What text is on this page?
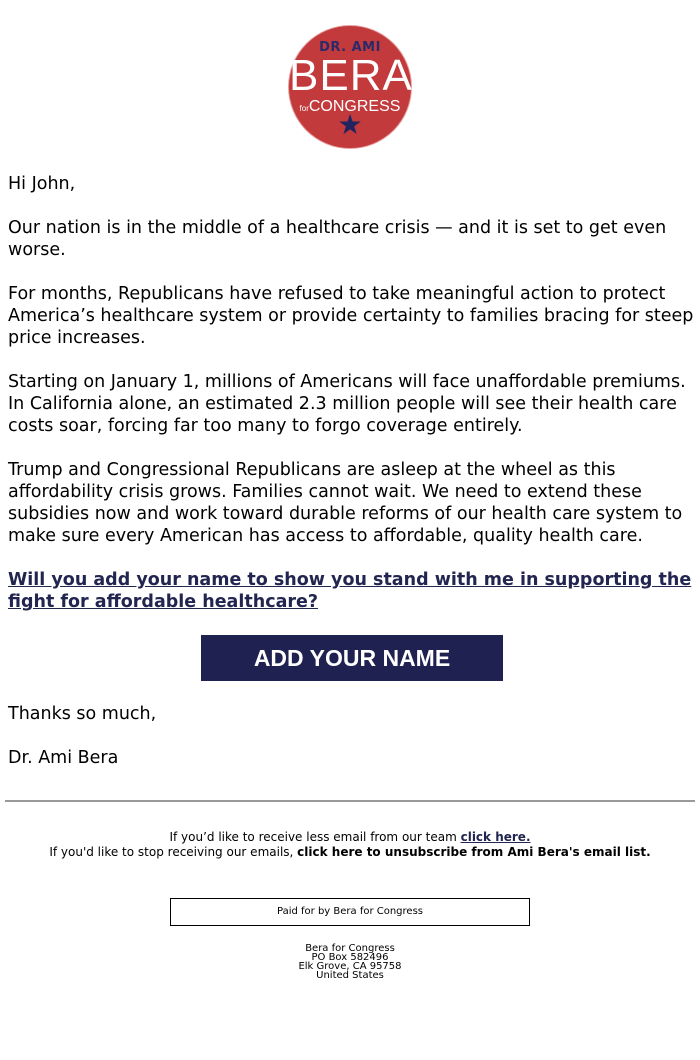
DR. AMI
BERA
forCONGRESS
★

Hi John,

Our nation is in the middle of a healthcare crisis — and it is set to get even worse.

For months, Republicans have refused to take meaningful action to protect America’s healthcare system or provide certainty to families bracing for steep price increases.

Starting on January 1, millions of Americans will face unaffordable premiums. In California alone, an estimated 2.3 million people will see their health care costs soar, forcing far too many to forgo coverage entirely.

Trump and Congressional Republicans are asleep at the wheel as this affordability crisis grows. Families cannot wait. We need to extend these subsidies now and work toward durable reforms of our health care system to make sure every American has access to affordable, quality health care.

Will you add your name to show you stand with me in supporting the fight for affordable healthcare?

ADD YOUR NAME

Thanks so much,

Dr. Ami Bera

If you’d like to receive less email from our team click here.
If you'd like to stop receiving our emails, click here to unsubscribe from Ami Bera's email list.
Paid for by Bera for Congress
Bera for Congress
PO Box 582496
Elk Grove, CA 95758
United States
